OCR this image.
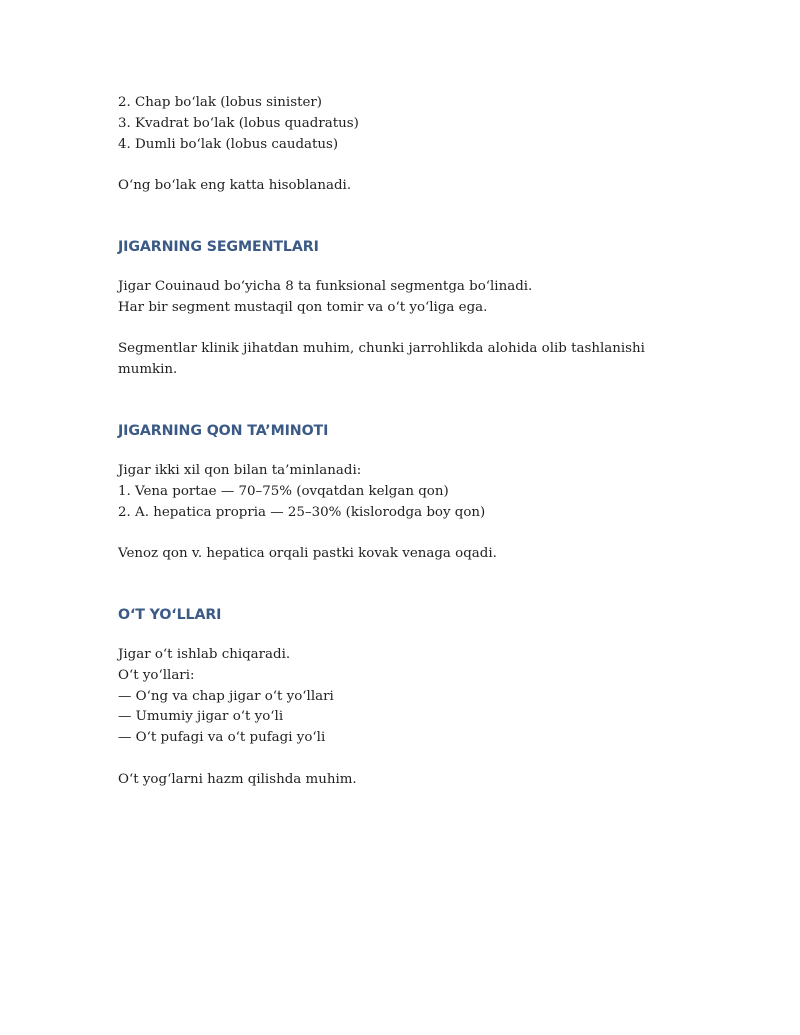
2. Chap bo‘lak (lobus sinister)
3. Kvadrat bo‘lak (lobus quadratus)
4. Dumli bo‘lak (lobus caudatus)
O‘ng bo‘lak eng katta hisoblanadi.
JIGARNING SEGMENTLARI
Jigar Couinaud bo‘yicha 8 ta funksional segmentga bo‘linadi.
Har bir segment mustaqil qon tomir va o‘t yo‘liga ega.
Segmentlar klinik jihatdan muhim, chunki jarrohlikda alohida olib tashlanishi
mumkin.
JIGARNING QON TA’MINOTI
Jigar ikki xil qon bilan ta’minlanadi:
1. Vena portae — 70–75% (ovqatdan kelgan qon)
2. A. hepatica propria — 25–30% (kislorodga boy qon)
Venoz qon v. hepatica orqali pastki kovak venaga oqadi.
O‘T YO‘LLARI
Jigar o‘t ishlab chiqaradi.
O‘t yo‘llari:
— O‘ng va chap jigar o‘t yo‘llari
— Umumiy jigar o‘t yo‘li
— O‘t pufagi va o‘t pufagi yo‘li
O‘t yog‘larni hazm qilishda muhim.
